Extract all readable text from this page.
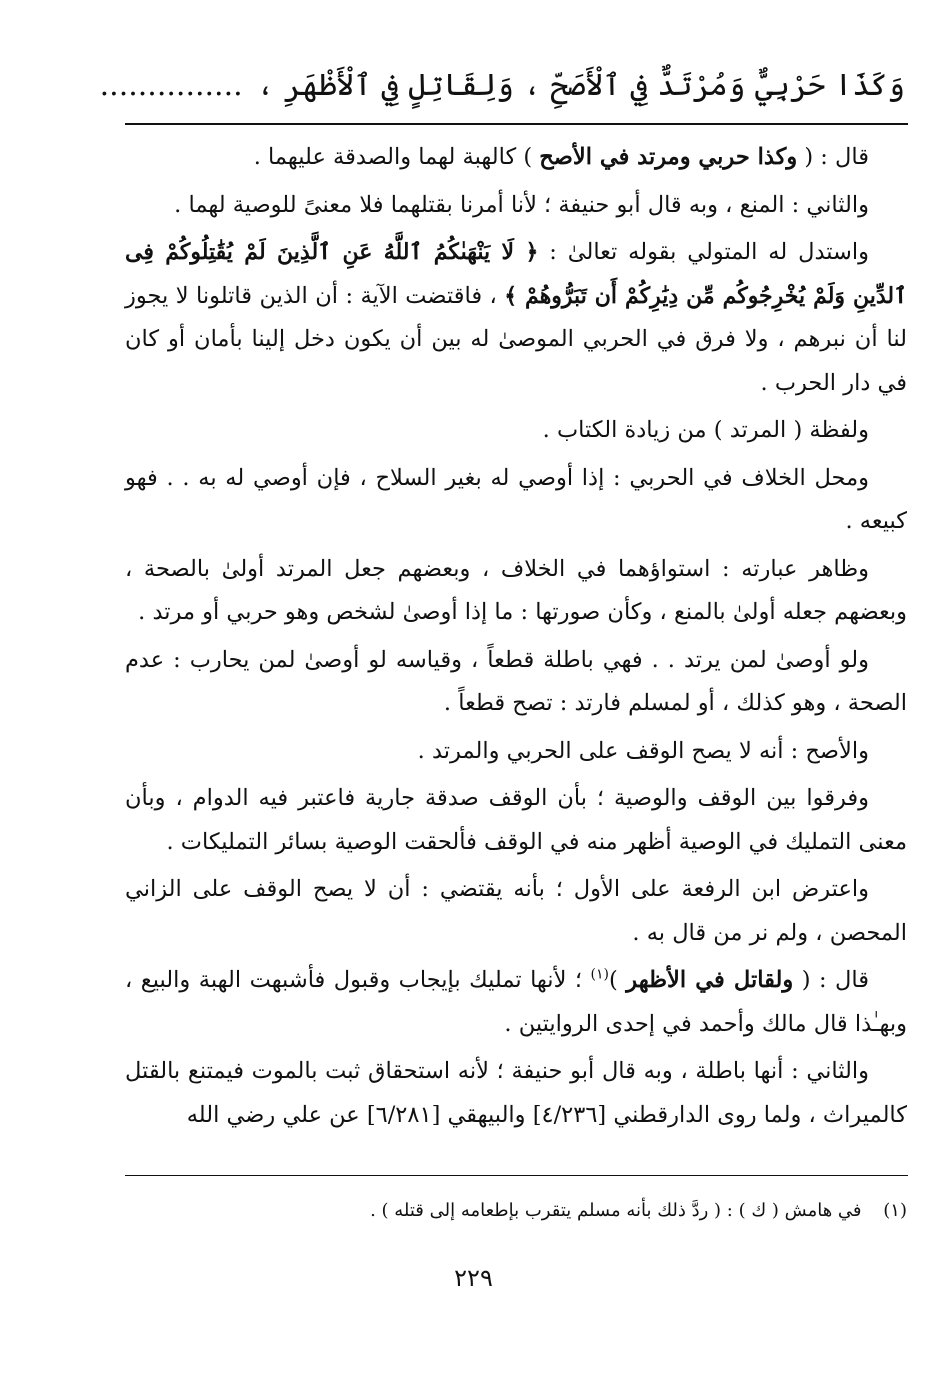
وَكَذَا حَرْبِيٌّ وَمُرْتَدٌّ فِي ٱلْأَصَحِّ ، وَلِقَاتِلٍ فِي ٱلْأَظْهَرِ ،...............

قال : ( وكذا حربي ومرتد في الأصح ) كالهبة لهما والصدقة عليهما .

والثاني : المنع ، وبه قال أبو حنيفة ؛ لأنا أمرنا بقتلهما فلا معنىً للوصية لهما .

واستدل له المتولي بقوله تعالىٰ : ﴿ لَا يَنْهَىٰكُمُ ٱللَّهُ عَنِ ٱلَّذِينَ لَمْ يُقَٰتِلُوكُمْ فِى ٱلدِّينِ وَلَمْ يُخْرِجُوكُم مِّن دِيَٰرِكُمْ أَن تَبَرُّوهُمْ ﴾ ، فاقتضت الآية : أن الذين قاتلونا لا يجوز لنا أن نبرهم ، ولا فرق في الحربي الموصىٰ له بين أن يكون دخل إلينا بأمان أو كان في دار الحرب .

ولفظة ( المرتد ) من زيادة الكتاب .

ومحل الخلاف في الحربي : إذا أوصي له بغير السلاح ، فإن أوصي له به . . فهو كبيعه .

وظاهر عبارته : استواؤهما في الخلاف ، وبعضهم جعل المرتد أولىٰ بالصحة ، وبعضهم جعله أولىٰ بالمنع ، وكأن صورتها : ما إذا أوصىٰ لشخص وهو حربي أو مرتد .

ولو أوصىٰ لمن يرتد . . فهي باطلة قطعاً ، وقياسه لو أوصىٰ لمن يحارب : عدم الصحة ، وهو كذلك ، أو لمسلم فارتد : تصح قطعاً .

والأصح : أنه لا يصح الوقف على الحربي والمرتد .

وفرقوا بين الوقف والوصية ؛ بأن الوقف صدقة جارية فاعتبر فيه الدوام ، وبأن معنى التمليك في الوصية أظهر منه في الوقف فألحقت الوصية بسائر التمليكات .

واعترض ابن الرفعة على الأول ؛ بأنه يقتضي : أن لا يصح الوقف على الزاني المحصن ، ولم نر من قال به .

قال : ( ولقاتل في الأظهر )$^{(١)}$ ؛ لأنها تمليك بإيجاب وقبول فأشبهت الهبة والبيع ، وبهـٰذا قال مالك وأحمد في إحدى الروايتين .

والثاني : أنها باطلة ، وبه قال أبو حنيفة ؛ لأنه استحقاق ثبت بالموت فيمتنع بالقتل كالميراث ، ولما روى الدارقطني [٤/٢٣٦] والبيهقي [٦/٢٨١] عن علي رضي الله

(١) في هامش ( ك ) : ( ردَّ ذلك بأنه مسلم يتقرب بإطعامه إلى قتله ) .
٢٢٩
